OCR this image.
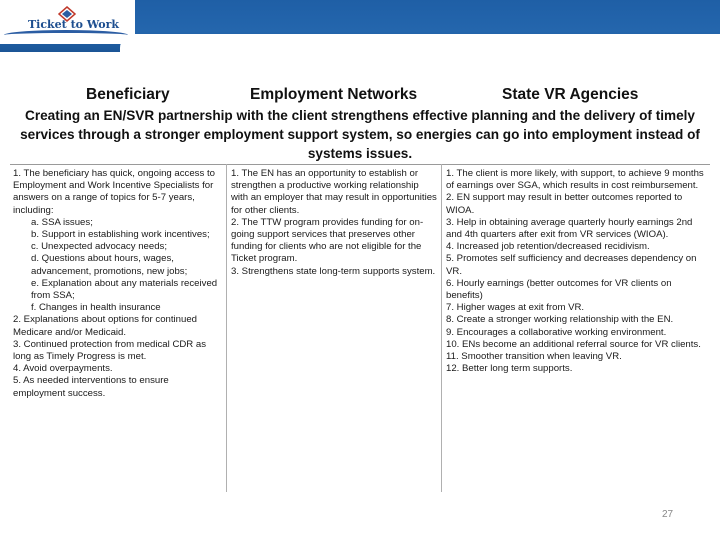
Ticket to Work
Beneficiary	Employment Networks	State VR Agencies
Creating an EN/SVR partnership with the client strengthens effective planning and the delivery of timely services through a stronger employment support system, so energies can go into employment instead of systems issues.
1. The beneficiary has quick, ongoing access to Employment and Work Incentive Specialists for answers on a range of topics for 5-7 years, including:
a. SSA issues;
b. Support in establishing work incentives;
c. Unexpected advocacy needs;
d. Questions about hours, wages, advancement, promotions, new jobs;
e. Explanation about any materials received from SSA;
f. Changes in health insurance
2. Explanations about options for continued Medicare and/or Medicaid.
3. Continued protection from medical CDR as long as Timely Progress is met.
4. Avoid overpayments.
5. As needed interventions to ensure employment success.
1. The EN has an opportunity to establish or strengthen a productive working relationship with an employer that may result in opportunities for other clients.
2. The TTW program provides funding for on-going support services that preserves other funding for clients who are not eligible for the Ticket program.
3. Strengthens state long-term supports system.
1. The client is more likely, with support, to achieve 9 months of earnings over SGA, which results in cost reimbursement.
2. EN support may result in better outcomes reported to WIOA.
3. Help in obtaining average quarterly hourly earnings 2nd and 4th quarters after exit from VR services (WIOA).
4. Increased job retention/decreased recidivism.
5. Promotes self sufficiency and decreases dependency on VR.
6. Hourly earnings (better outcomes for VR clients on benefits)
7. Higher wages at exit from VR.
8. Create a stronger working relationship with the EN.
9. Encourages a collaborative working environment.
10. ENs become an additional referral source for VR clients.
11. Smoother transition when leaving VR.
12. Better long term supports.
27
